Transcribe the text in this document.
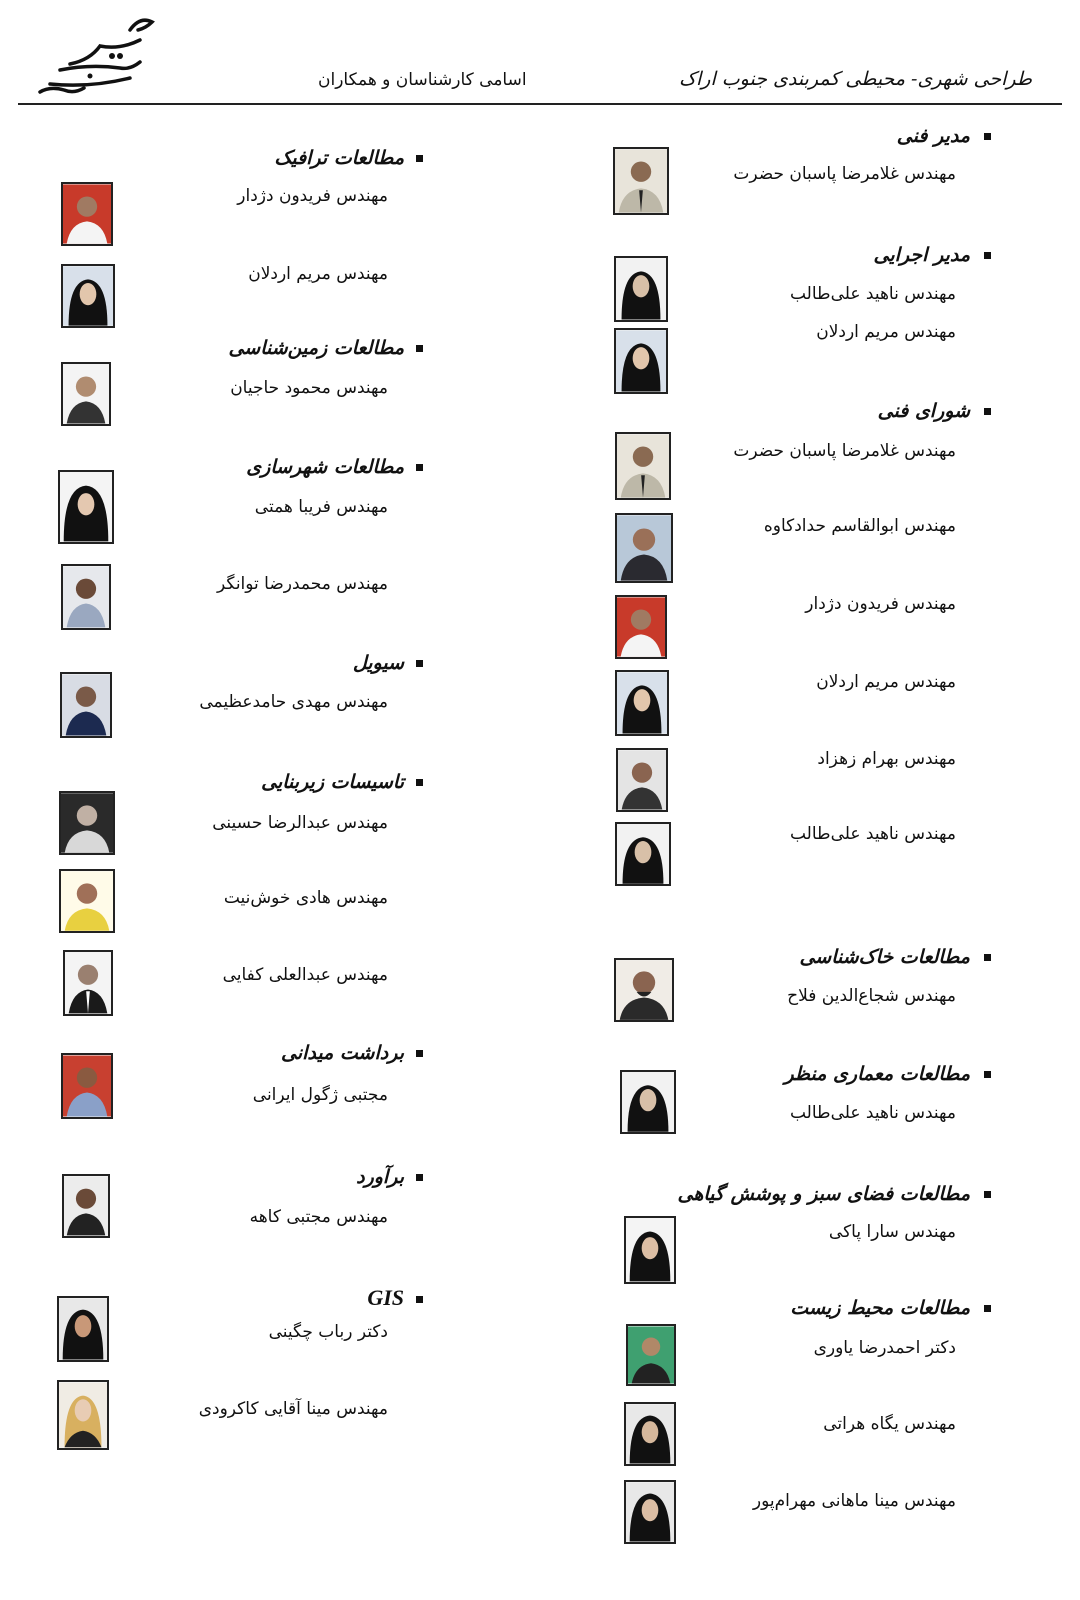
اسامی کارشناسان و همکاران	طراحی شهری- محیطی کمربندی جنوب اراک
مدیر فنی
مهندس غلامرضا پاسبان حضرت
مدیر اجرایی
مهندس ناهید علی‌طالب
مهندس مریم اردلان
شورای فنی
مهندس غلامرضا پاسبان حضرت
مهندس ابوالقاسم حدادکاوه
مهندس فریدون دژدار
مهندس مریم اردلان
مهندس بهرام زهزاد
مهندس ناهید علی‌طالب
مطالعات خاک‌شناسی
مهندس شجاع‌الدین فلاح
مطالعات معماری منظر
مهندس ناهید علی‌طالب
مطالعات فضای سبز و پوشش گیاهی
مهندس سارا پاکی
مطالعات محیط زیست
دکتر احمدرضا یاوری
مهندس یگاه هراتی
مهندس مینا ماهانی مهرام‌پور
مطالعات ترافیک
مهندس فریدون دژدار
مهندس مریم اردلان
مطالعات زمین‌شناسی
مهندس محمود حاجیان
مطالعات شهرسازی
مهندس فریبا همتی
مهندس محمدرضا توانگر
سیویل
مهندس مهدی حامدعظیمی
تاسیسات زیربنایی
مهندس عبدالرضا حسینی
مهندس هادی خوش‌نیت
مهندس عبدالعلی کفایی
برداشت میدانی
مجتبی ژگول ایرانی
برآورد
مهندس مجتبی کاهه
GIS
دکتر رباب چگینی
مهندس مینا آقایی کاکرودی
